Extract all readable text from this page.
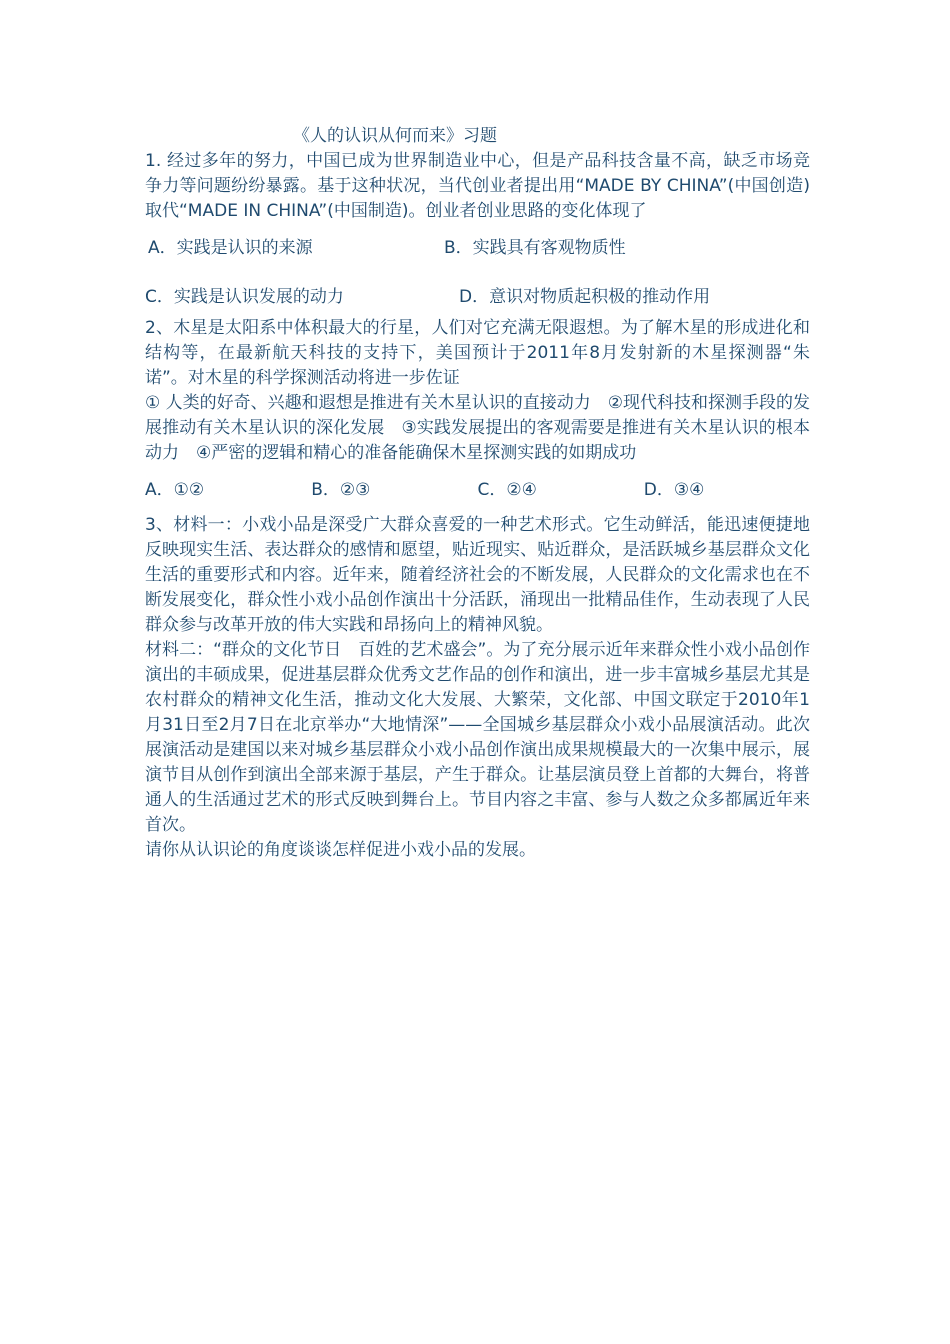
《人的认识从何而来》习题

1. 经过多年的努力，中国已成为世界制造业中心，但是产品科技含量不高，缺乏市场竞争力等问题纷纷暴露。基于这种状况，当代创业者提出用“MADE BY CHINA”(中国创造)取代“MADE IN CHINA”(中国制造)。创业者创业思路的变化体现了

A．实践是认识的来源	B．实践具有客观物质性
C．实践是认识发展的动力	D．意识对物质起积极的推动作用

2、木星是太阳系中体积最大的行星，人们对它充满无限遐想。为了解木星的形成进化和结构等，在最新航天科技的支持下，美国预计于2011年8月发射新的木星探测器“朱诺”。对木星的科学探测活动将进一步佐证

① 人类的好奇、兴趣和遐想是推进有关木星认识的直接动力　②现代科技和探测手段的发展推动有关木星认识的深化发展　③实践发展提出的客观需要是推进有关木星认识的根本动力　④严密的逻辑和精心的准备能确保木星探测实践的如期成功

A．①②	B．②③	C．②④	D．③④

3、材料一：小戏小品是深受广大群众喜爱的一种艺术形式。它生动鲜活，能迅速便捷地反映现实生活、表达群众的感情和愿望，贴近现实、贴近群众，是活跃城乡基层群众文化生活的重要形式和内容。近年来，随着经济社会的不断发展，人民群众的文化需求也在不断发展变化，群众性小戏小品创作演出十分活跃，涌现出一批精品佳作，生动表现了人民群众参与改革开放的伟大实践和昂扬向上的精神风貌。

材料二：“群众的文化节日　百姓的艺术盛会”。为了充分展示近年来群众性小戏小品创作演出的丰硕成果，促进基层群众优秀文艺作品的创作和演出，进一步丰富城乡基层尤其是农村群众的精神文化生活，推动文化大发展、大繁荣，文化部、中国文联定于2010年1月31日至2月7日在北京举办“大地情深”——全国城乡基层群众小戏小品展演活动。此次展演活动是建国以来对城乡基层群众小戏小品创作演出成果规模最大的一次集中展示，展演节目从创作到演出全部来源于基层，产生于群众。让基层演员登上首都的大舞台，将普通人的生活通过艺术的形式反映到舞台上。节目内容之丰富、参与人数之众多都属近年来首次。

请你从认识论的角度谈谈怎样促进小戏小品的发展。
